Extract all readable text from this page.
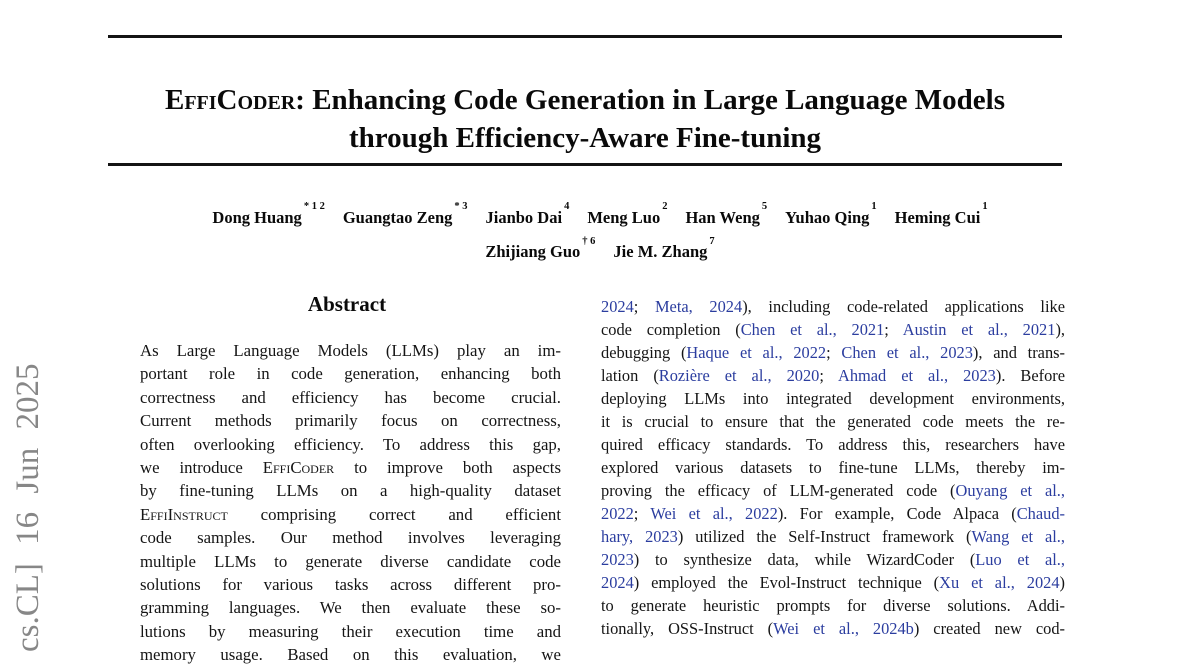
EffiCoder: Enhancing Code Generation in Large Language Models
through Efficiency-Aware Fine-tuning
Dong Huang$^{* 1 2}$Guangtao Zeng$^{* 3}$Jianbo Dai$^4$Meng Luo$^2$Han Weng$^5$Yuhao Qing$^1$Heming Cui$^1$
Zhijiang Guo$^{\dagger 6}$Jie M. Zhang$^7$
Abstract
As Large Language Models (LLMs) play an im-
portant role in code generation, enhancing both
correctness and efficiency has become crucial.
Current methods primarily focus on correctness,
often overlooking efficiency. To address this gap,
we introduce EffiCoder to improve both aspects
by fine-tuning LLMs on a high-quality dataset
EffiInstruct comprising correct and efficient
code samples. Our method involves leveraging
multiple LLMs to generate diverse candidate code
solutions for various tasks across different pro-
gramming languages. We then evaluate these so-
lutions by measuring their execution time and
memory usage. Based on this evaluation, we
2024; Meta, 2024), including code-related applications like
code completion (Chen et al., 2021; Austin et al., 2021),
debugging (Haque et al., 2022; Chen et al., 2023), and trans-
lation (Rozière et al., 2020; Ahmad et al., 2023). Before
deploying LLMs into integrated development environments,
it is crucial to ensure that the generated code meets the re-
quired efficacy standards. To address this, researchers have
explored various datasets to fine-tune LLMs, thereby im-
proving the efficacy of LLM-generated code (Ouyang et al.,
2022; Wei et al., 2022). For example, Code Alpaca (Chaud-
hary, 2023) utilized the Self-Instruct framework (Wang et al.,
2023) to synthesize data, while WizardCoder (Luo et al.,
2024) employed the Evol-Instruct technique (Xu et al., 2024)
to generate heuristic prompts for diverse solutions. Addi-
tionally, OSS-Instruct (Wei et al., 2024b) created new cod-
cs.CL] 16 Jun 2025
